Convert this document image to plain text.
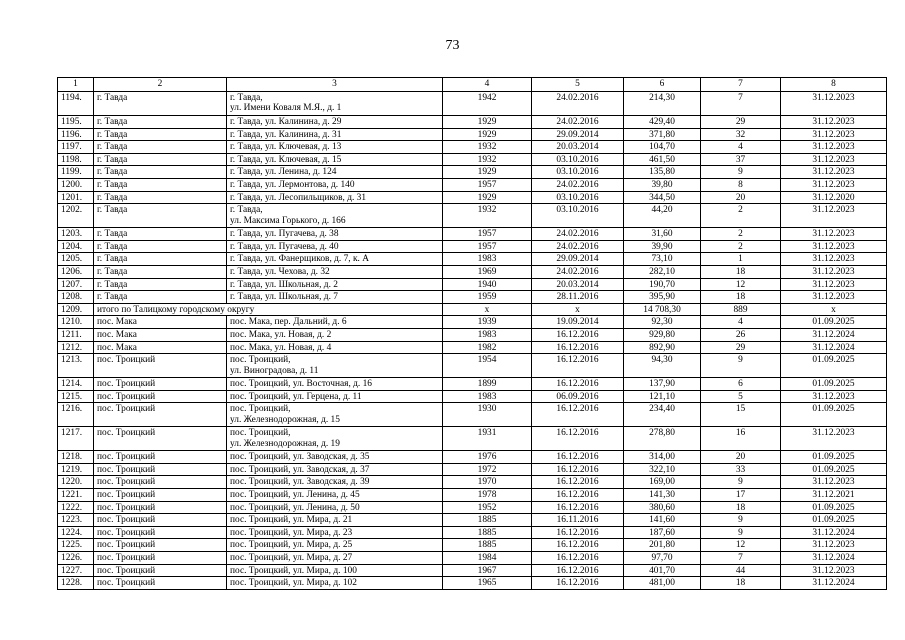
73
1	2	3	4	5	6	7	8
1194.	г. Тавда	г. Тавда,
ул. Имени Коваля М.Я., д. 1	1942	24.02.2016	214,30	7	31.12.2023
1195.	г. Тавда	г. Тавда, ул. Калинина, д. 29	1929	24.02.2016	429,40	29	31.12.2023
1196.	г. Тавда	г. Тавда, ул. Калинина, д. 31	1929	29.09.2014	371,80	32	31.12.2023
1197.	г. Тавда	г. Тавда, ул. Ключевая, д. 13	1932	20.03.2014	104,70	4	31.12.2023
1198.	г. Тавда	г. Тавда, ул. Ключевая, д. 15	1932	03.10.2016	461,50	37	31.12.2023
1199.	г. Тавда	г. Тавда, ул. Ленина, д. 124	1929	03.10.2016	135,80	9	31.12.2023
1200.	г. Тавда	г. Тавда, ул. Лермонтова, д. 140	1957	24.02.2016	39,80	8	31.12.2023
1201.	г. Тавда	г. Тавда, ул. Лесопильщиков, д. 31	1929	03.10.2016	344,50	20	31.12.2020
1202.	г. Тавда	г. Тавда,
ул. Максима Горького, д. 166	1932	03.10.2016	44,20	2	31.12.2023
1203.	г. Тавда	г. Тавда, ул. Пугачева, д. 38	1957	24.02.2016	31,60	2	31.12.2023
1204.	г. Тавда	г. Тавда, ул. Пугачева, д. 40	1957	24.02.2016	39,90	2	31.12.2023
1205.	г. Тавда	г. Тавда, ул. Фанерщиков, д. 7, к. А	1983	29.09.2014	73,10	1	31.12.2023
1206.	г. Тавда	г. Тавда, ул. Чехова, д. 32	1969	24.02.2016	282,10	18	31.12.2023
1207.	г. Тавда	г. Тавда, ул. Школьная, д. 2	1940	20.03.2014	190,70	12	31.12.2023
1208.	г. Тавда	г. Тавда, ул. Школьная, д. 7	1959	28.11.2016	395,90	18	31.12.2023
1209.	итого по Талицкому городскому округу		x	x	14 708,30	889	x
1210.	пос. Мака	пос. Мака, пер. Дальний, д. 6	1939	19.09.2014	92,30	4	01.09.2025
1211.	пос. Мака	пос. Мака, ул. Новая, д. 2	1983	16.12.2016	929,80	26	31.12.2024
1212.	пос. Мака	пос. Мака, ул. Новая, д. 4	1982	16.12.2016	892,90	29	31.12.2024
1213.	пос. Троицкий	пос. Троицкий,
ул. Виноградова, д. 11	1954	16.12.2016	94,30	9	01.09.2025
1214.	пос. Троицкий	пос. Троицкий, ул. Восточная, д. 16	1899	16.12.2016	137,90	6	01.09.2025
1215.	пос. Троицкий	пос. Троицкий, ул. Герцена, д. 11	1983	06.09.2016	121,10	5	31.12.2023
1216.	пос. Троицкий	пос. Троицкий,
ул. Железнодорожная, д. 15	1930	16.12.2016	234,40	15	01.09.2025
1217.	пос. Троицкий	пос. Троицкий,
ул. Железнодорожная, д. 19	1931	16.12.2016	278,80	16	31.12.2023
1218.	пос. Троицкий	пос. Троицкий, ул. Заводская, д. 35	1976	16.12.2016	314,00	20	01.09.2025
1219.	пос. Троицкий	пос. Троицкий, ул. Заводская, д. 37	1972	16.12.2016	322,10	33	01.09.2025
1220.	пос. Троицкий	пос. Троицкий, ул. Заводская, д. 39	1970	16.12.2016	169,00	9	31.12.2023
1221.	пос. Троицкий	пос. Троицкий, ул. Ленина, д. 45	1978	16.12.2016	141,30	17	31.12.2021
1222.	пос. Троицкий	пос. Троицкий, ул. Ленина, д. 50	1952	16.12.2016	380,60	18	01.09.2025
1223.	пос. Троицкий	пос. Троицкий, ул. Мира, д. 21	1885	16.11.2016	141,60	9	01.09.2025
1224.	пос. Троицкий	пос. Троицкий, ул. Мира, д. 23	1885	16.12.2016	187,60	9	31.12.2024
1225.	пос. Троицкий	пос. Троицкий, ул. Мира, д. 25	1885	16.12.2016	201,80	12	31.12.2023
1226.	пос. Троицкий	пос. Троицкий, ул. Мира, д. 27	1984	16.12.2016	97,70	7	31.12.2024
1227.	пос. Троицкий	пос. Троицкий, ул. Мира, д. 100	1967	16.12.2016	401,70	44	31.12.2023
1228.	пос. Троицкий	пос. Троицкий, ул. Мира, д. 102	1965	16.12.2016	481,00	18	31.12.2024
